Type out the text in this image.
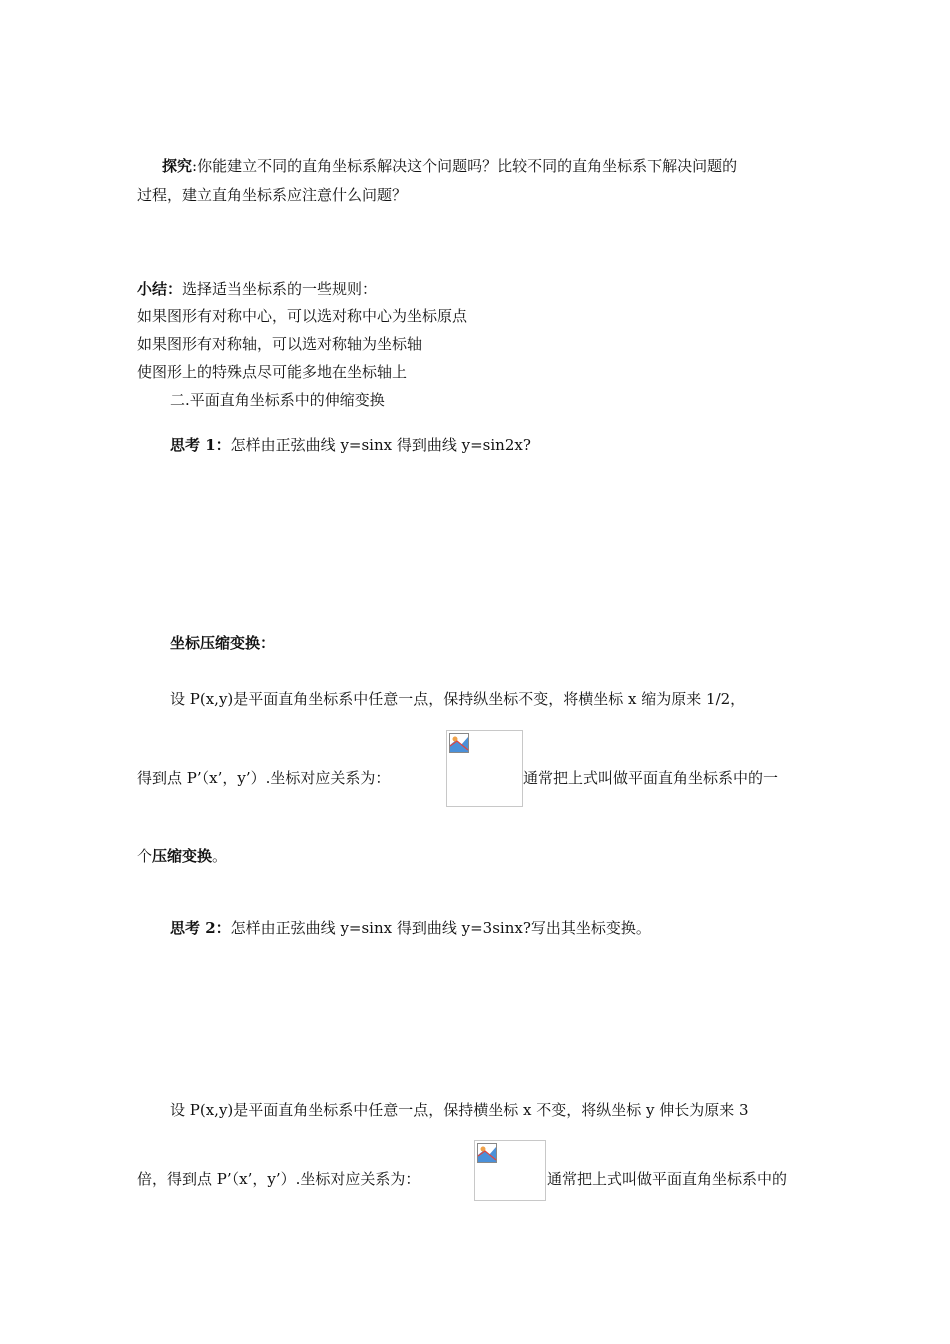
探究:你能建立不同的直角坐标系解决这个问题吗？比较不同的直角坐标系下解决问题的
过程，建立直角坐标系应注意什么问题？
小结：选择适当坐标系的一些规则：
如果图形有对称中心，可以选对称中心为坐标原点
如果图形有对称轴，可以选对称轴为坐标轴
使图形上的特殊点尽可能多地在坐标轴上
二.平面直角坐标系中的伸缩变换
思考 1：怎样由正弦曲线 y=sinx 得到曲线 y=sin2x?
坐标压缩变换：
设 P(x,y)是平面直角坐标系中任意一点，保持纵坐标不变，将横坐标 x 缩为原来 1/2，
得到点 P’（x’，y’）.坐标对应关系为：	通常把上式叫做平面直角坐标系中的一
个压缩变换。
思考 2：怎样由正弦曲线 y=sinx 得到曲线 y=3sinx?写出其坐标变换。
设 P(x,y)是平面直角坐标系中任意一点，保持横坐标 x 不变，将纵坐标 y 伸长为原来 3
倍，得到点 P’（x’，y’）.坐标对应关系为：	通常把上式叫做平面直角坐标系中的
